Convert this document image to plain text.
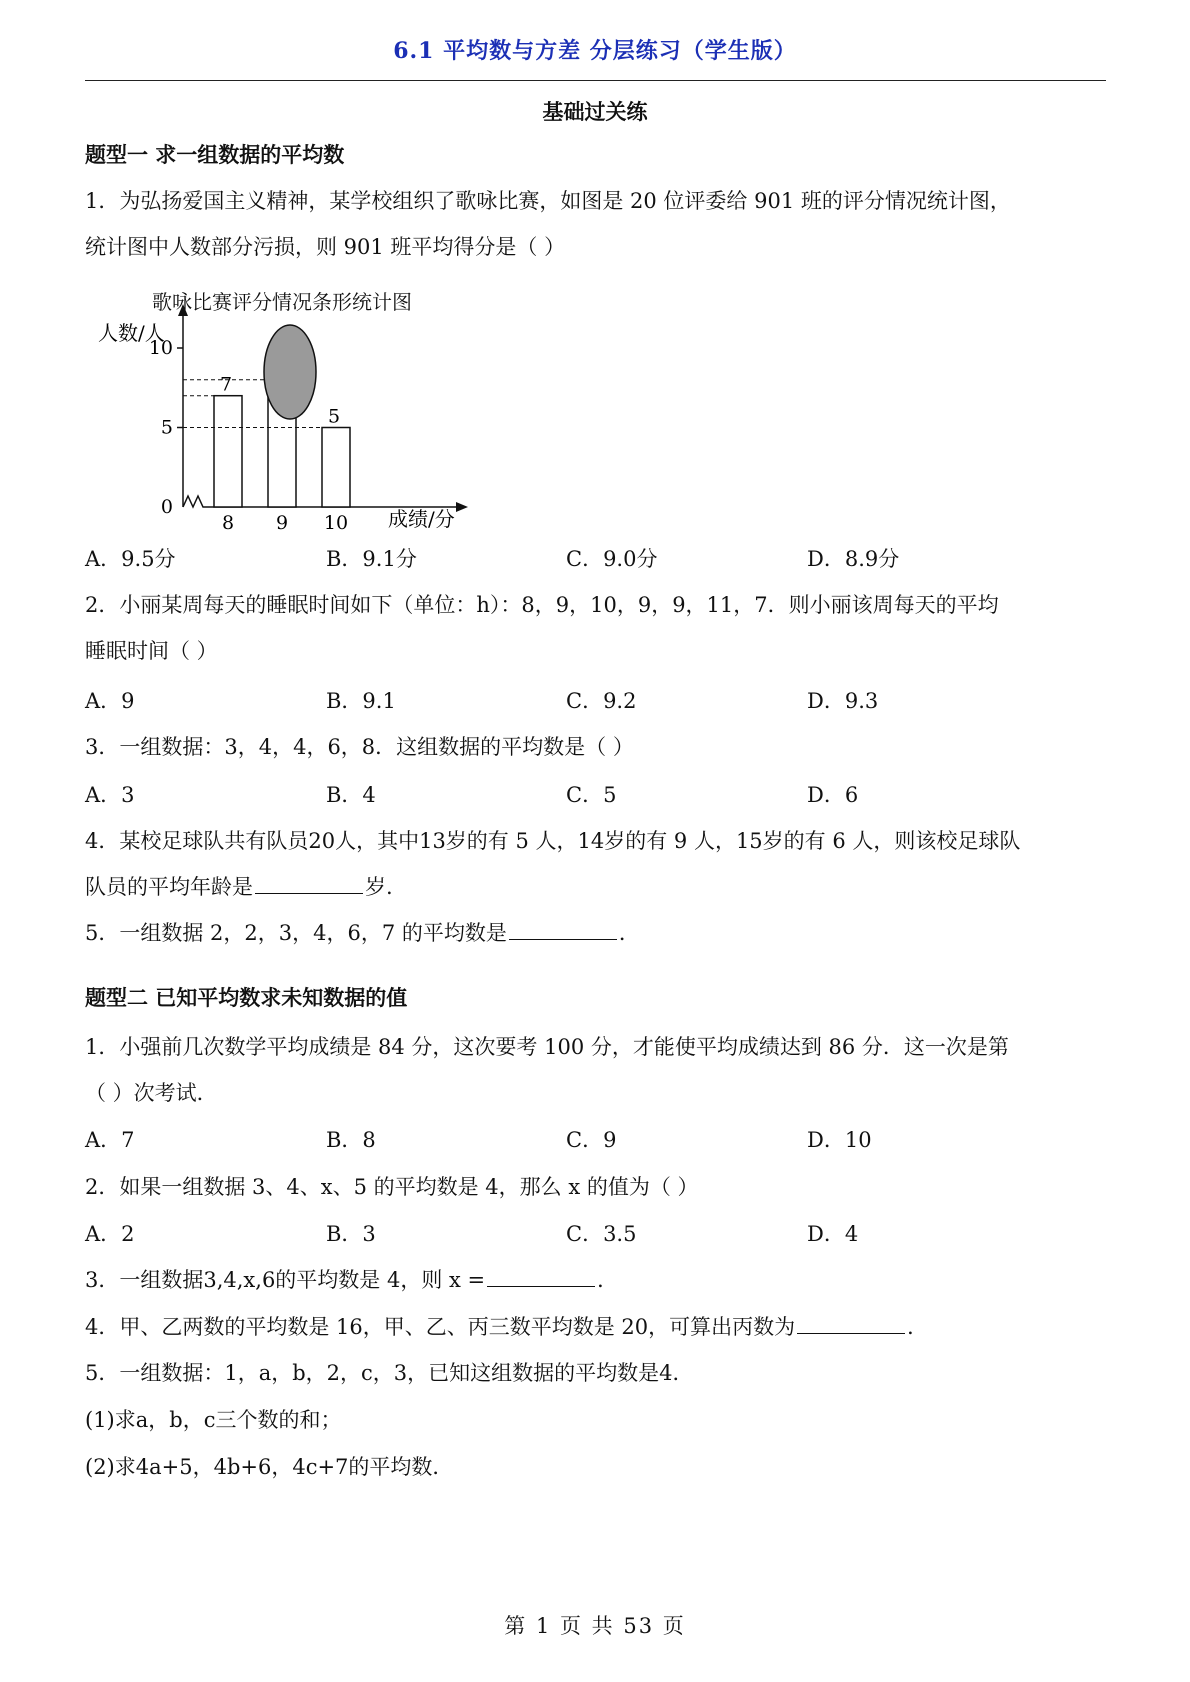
6.1 平均数与方差 分层练习（学生版）
基础过关练
题型一 求一组数据的平均数
1．为弘扬爱国主义精神，某学校组织了歌咏比赛，如图是 20 位评委给 901 班的评分情况统计图，
统计图中人数部分污损，则 901 班平均得分是（ ）
歌咏比赛评分情况条形统计图
人数/人
成绩/分
0
5
10
8
7
9 10
5
A．9.5分	B．9.1分	C．9.0分	D．8.9分
2．小丽某周每天的睡眠时间如下（单位：h）：8，9，10，9，9，11，7．则小丽该周每天的平均
睡眠时间（ ）
A．9	B．9.1	C．9.2	D．9.3
3．一组数据：3，4，4，6，8．这组数据的平均数是（ ）
A．3	B．4	C．5	D．6
4．某校足球队共有队员20人，其中13岁的有 5 人，14岁的有 9 人，15岁的有 6 人，则该校足球队
队员的平均年龄是	岁.
5．一组数据 2，2，3，4，6，7 的平均数是	．
题型二 已知平均数求未知数据的值
1．小强前几次数学平均成绩是 84 分，这次要考 100 分，才能使平均成绩达到 86 分．这一次是第
（ ）次考试．
A．7	B．8	C．9	D．10
2．如果一组数据 3、4、x、5 的平均数是 4，那么 x 的值为（ ）
A．2	B．3	C．3.5	D．4
3．一组数据3,4,x,6的平均数是 4，则 x =	．
4．甲、乙两数的平均数是 16，甲、乙、丙三数平均数是 20，可算出丙数为	．
5．一组数据：1，a，b，2，c，3，已知这组数据的平均数是4．
(1)求a，b，c三个数的和；
(2)求4a+5，4b+6，4c+7的平均数．
第 1 页 共 53 页
